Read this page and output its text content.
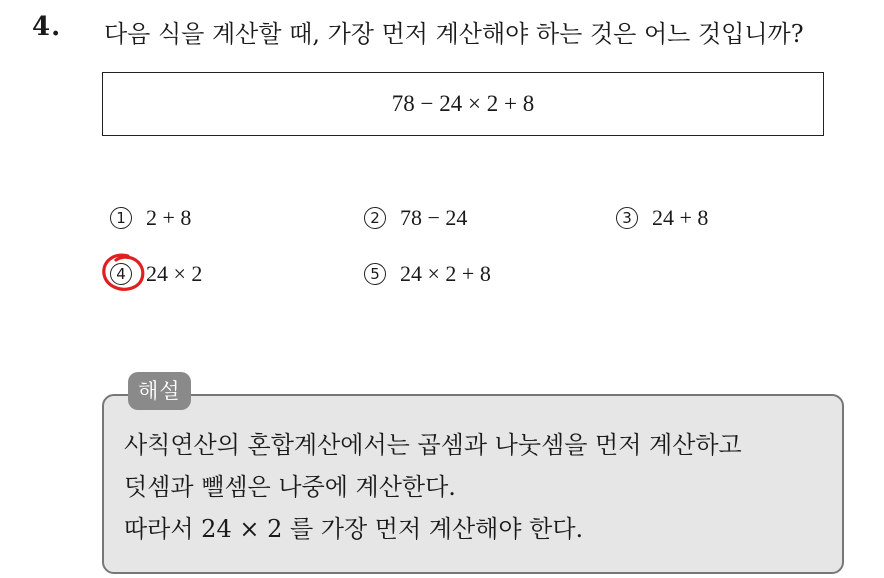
4. 다음 식을 계산할 때, 가장 먼저 계산해야 하는 것은 어느 것입니까?
78 − 24 × 2 + 8
1 2 + 8	2 78 − 24	3 24 + 8
4 24 × 2	5 24 × 2 + 8
해설
사칙연산의 혼합계산에서는 곱셈과 나눗셈을 먼저 계산하고
덧셈과 뺄셈은 나중에 계산한다.
따라서 24 × 2 를 가장 먼저 계산해야 한다.
